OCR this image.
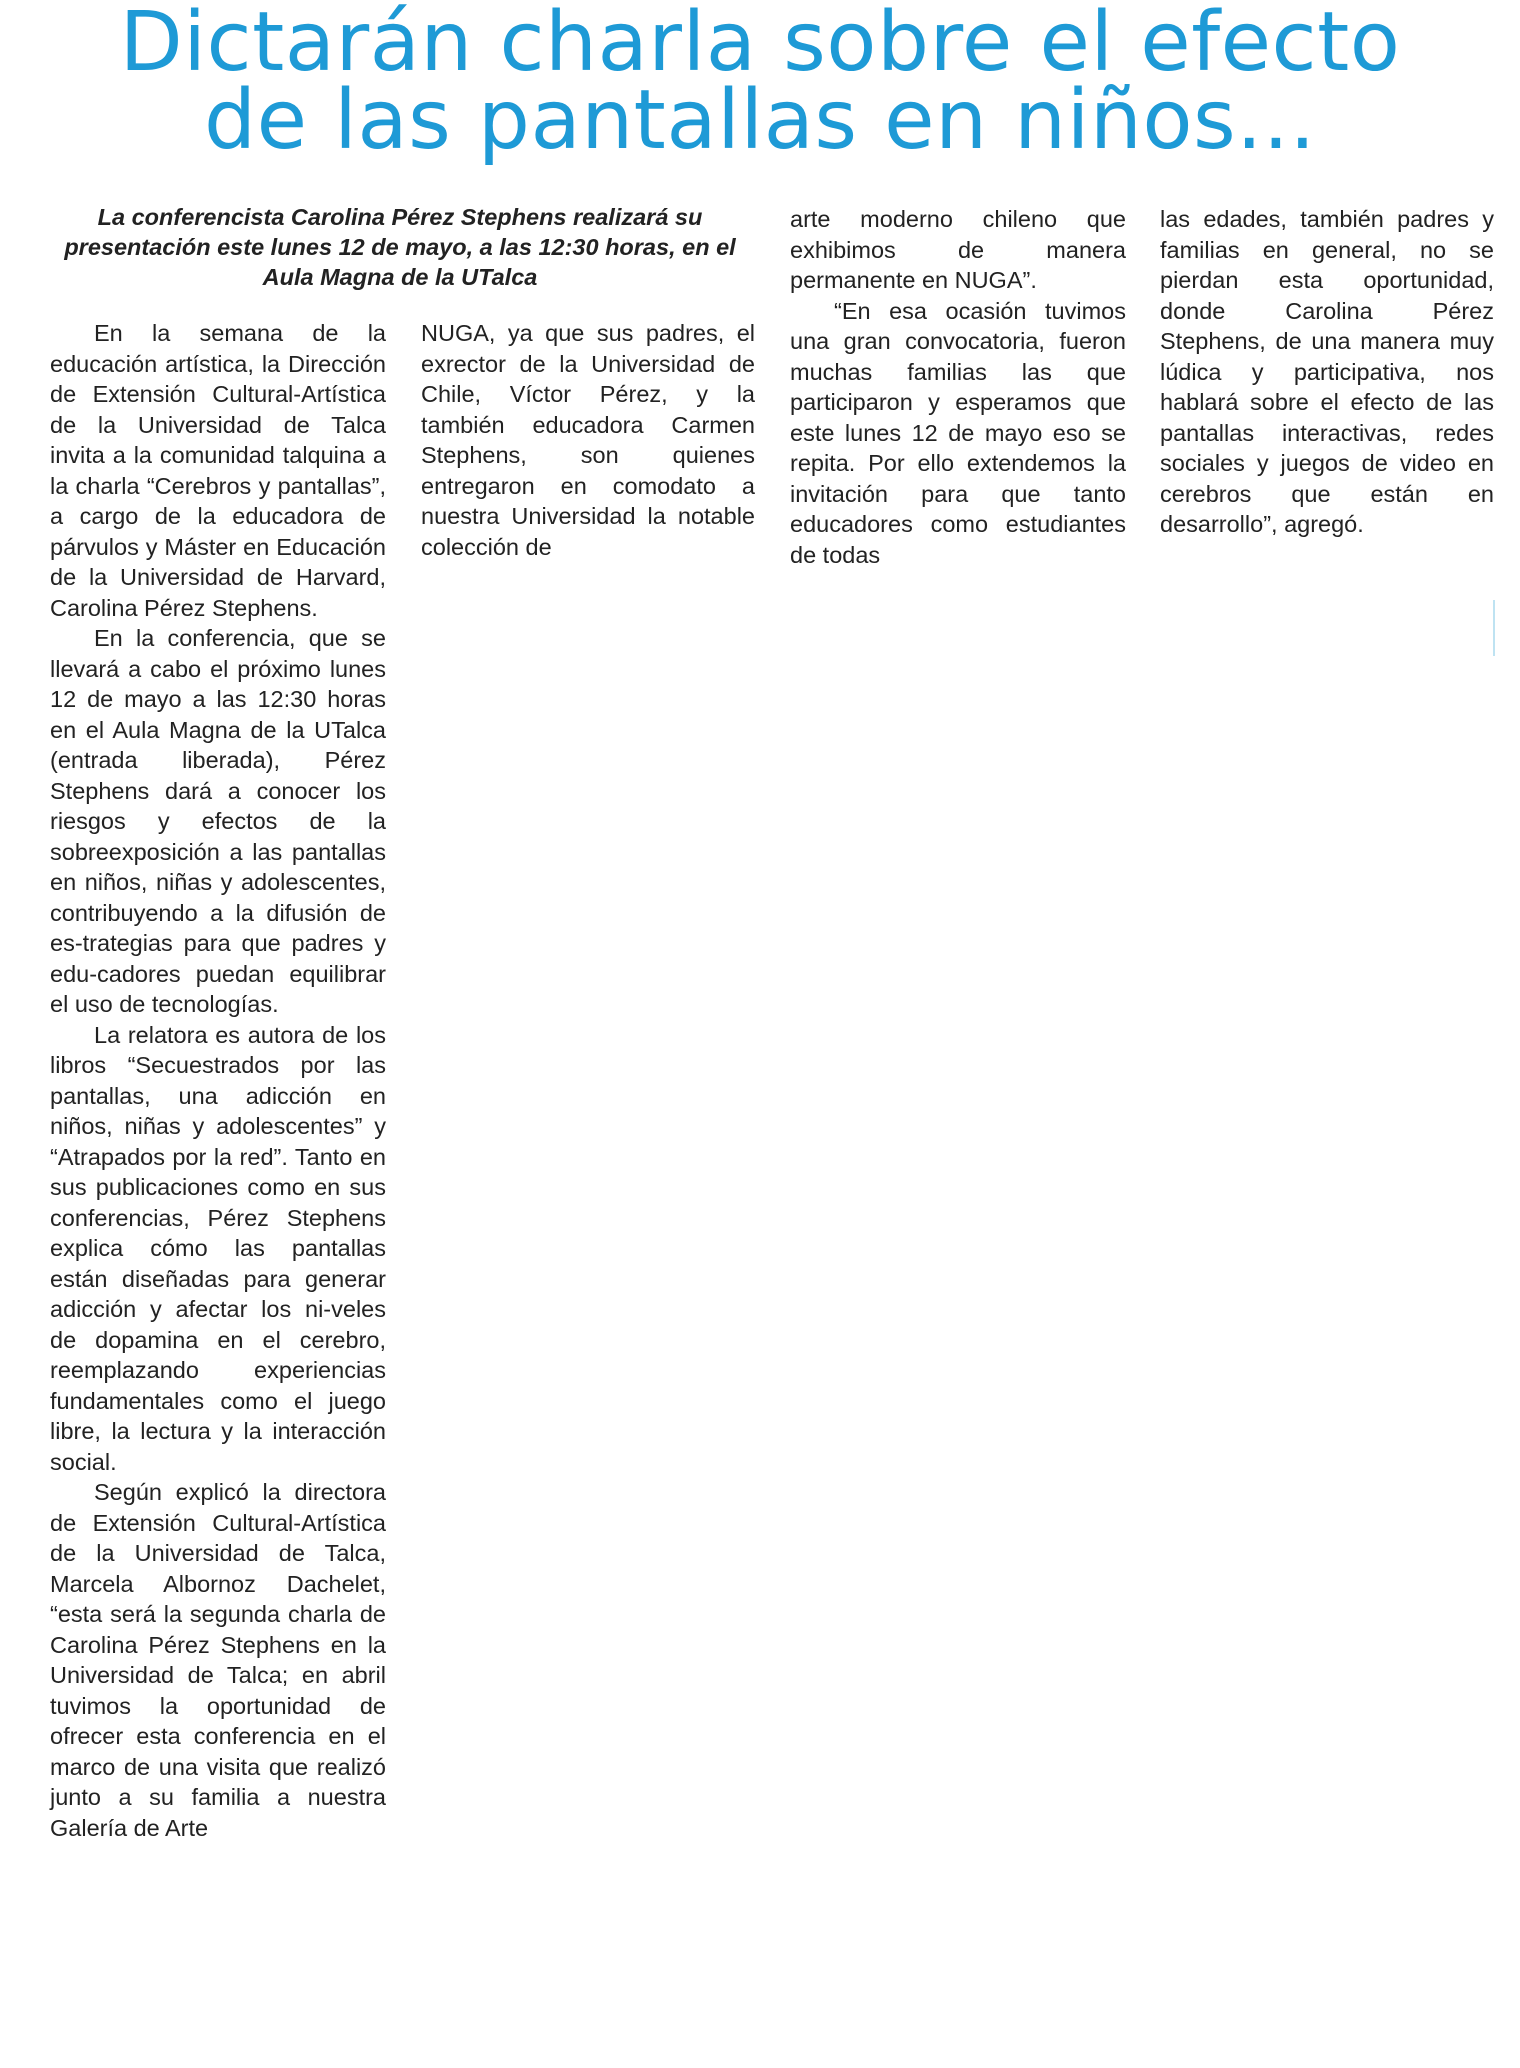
Dictarán charla sobre el efecto
de las pantallas en niños...

La conferencista Carolina Pérez Stephens realizará su presentación este lunes 12 de mayo, a las 12:30 horas, en el Aula Magna de la UTalca

En la semana de la educación artística, la Dirección de Extensión Cultural-Artística de la Universidad de Talca invita a la comunidad talquina a la charla “Cerebros y pantallas”, a cargo de la educadora de párvulos y Máster en Educación de la Universidad de Harvard, Carolina Pérez Stephens.

En la conferencia, que se llevará a cabo el próximo lunes 12 de mayo a las 12:30 horas en el Aula Magna de la UTalca (entrada liberada), Pérez Stephens dará a conocer los riesgos y efectos de la sobreexposición a las pantallas en niños, niñas y adolescentes, contribuyendo a la difusión de es-trategias para que padres y edu-cadores puedan equilibrar el uso de tecnologías.

La relatora es autora de los libros “Secuestrados por las pantallas, una adicción en niños, niñas y adolescentes” y “Atrapados por la red”. Tanto en sus publicaciones como en sus conferencias, Pérez Stephens explica cómo las pantallas están diseñadas para generar adicción y afectar los ni-veles de dopamina en el cerebro, reemplazando experiencias fundamentales como el juego libre, la lectura y la interacción social.

Según explicó la directora de Extensión Cultural-Artística de la Universidad de Talca, Marcela Albornoz Dachelet, “esta será la segunda charla de Carolina Pérez Stephens en la Universidad de Talca; en abril tuvimos la oportunidad de ofrecer esta conferencia en el marco de una visita que realizó junto a su familia a nuestra Galería de Arte

NUGA, ya que sus padres, el exrector de la Universidad de Chile, Víctor Pérez, y la también educadora Carmen Stephens, son quienes entregaron en comodato a nuestra Universidad la notable colección de

arte moderno chileno que exhibimos de manera permanente en NUGA”.

“En esa ocasión tuvimos una gran convocatoria, fueron muchas familias las que participaron y esperamos que este lunes 12 de mayo eso se repita. Por ello extendemos la invitación para que tanto educadores como estudiantes de todas

las edades, también padres y familias en general, no se pierdan esta oportunidad, donde Carolina Pérez Stephens, de una manera muy lúdica y participativa, nos hablará sobre el efecto de las pantallas interactivas, redes sociales y juegos de video en cerebros que están en desarrollo”, agregó.
